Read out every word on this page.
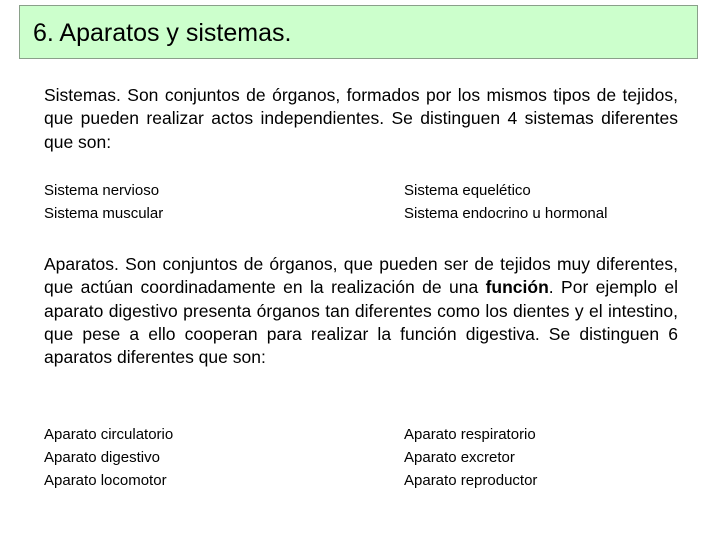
6. Aparatos y sistemas.

Sistemas. Son conjuntos de órganos, formados por los mismos tipos de tejidos, que pueden realizar actos independientes. Se distinguen 4 sistemas diferentes que son:

Sistema nervioso
Sistema muscular
Sistema equelético
Sistema endocrino u hormonal

Aparatos. Son conjuntos de órganos, que pueden ser de tejidos muy diferentes, que actúan coordinadamente en la realización de una función. Por ejemplo el aparato digestivo presenta órganos tan diferentes como los dientes y el intestino, que pese a ello cooperan para realizar la función digestiva. Se distinguen 6 aparatos diferentes que son:

Aparato circulatorio
Aparato digestivo
Aparato locomotor
Aparato respiratorio
Aparato excretor
Aparato reproductor
